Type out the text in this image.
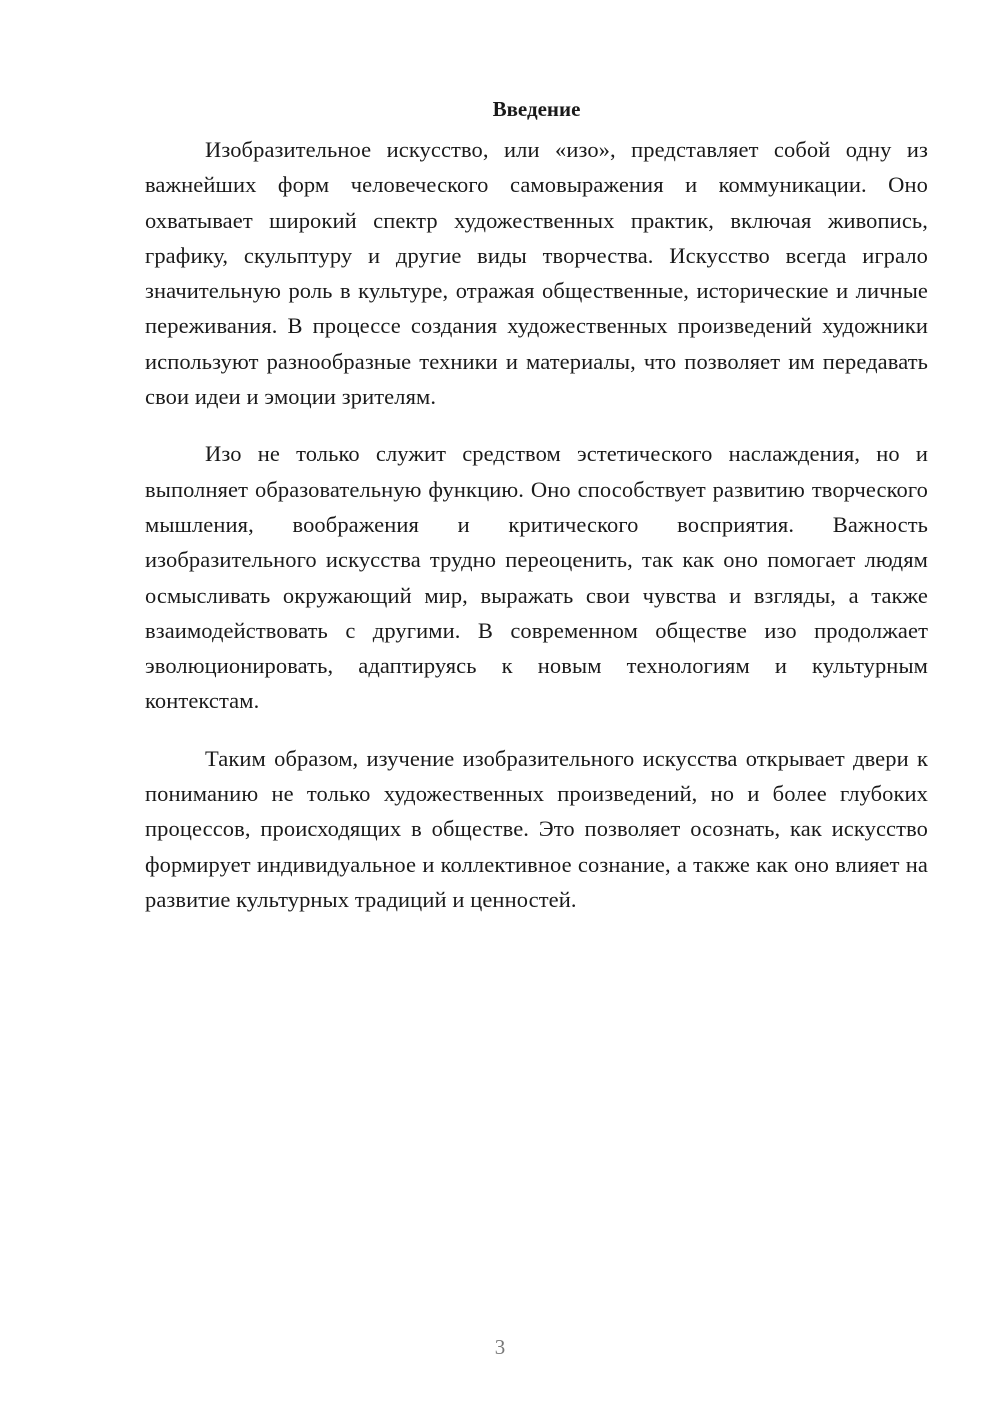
Введение

Изобразительное искусство, или «изо», представляет собой одну из важнейших форм человеческого самовыражения и коммуникации. Оно охватывает широкий спектр художественных практик, включая живопись, графику, скульптуру и другие виды творчества. Искусство всегда играло значительную роль в культуре, отражая общественные, исторические и личные переживания. В процессе создания художественных произведений художники используют разнообразные техники и материалы, что позволяет им передавать свои идеи и эмоции зрителям.

Изо не только служит средством эстетического наслаждения, но и выполняет образовательную функцию. Оно способствует развитию творческого мышления, воображения и критического восприятия. Важность изобразительного искусства трудно переоценить, так как оно помогает людям осмысливать окружающий мир, выражать свои чувства и взгляды, а также взаимодействовать с другими. В современном обществе изо продолжает эволюционировать, адаптируясь к новым технологиям и культурным контекстам.

Таким образом, изучение изобразительного искусства открывает двери к пониманию не только художественных произведений, но и более глубоких процессов, происходящих в обществе. Это позволяет осознать, как искусство формирует индивидуальное и коллективное сознание, а также как оно влияет на развитие культурных традиций и ценностей.

3
